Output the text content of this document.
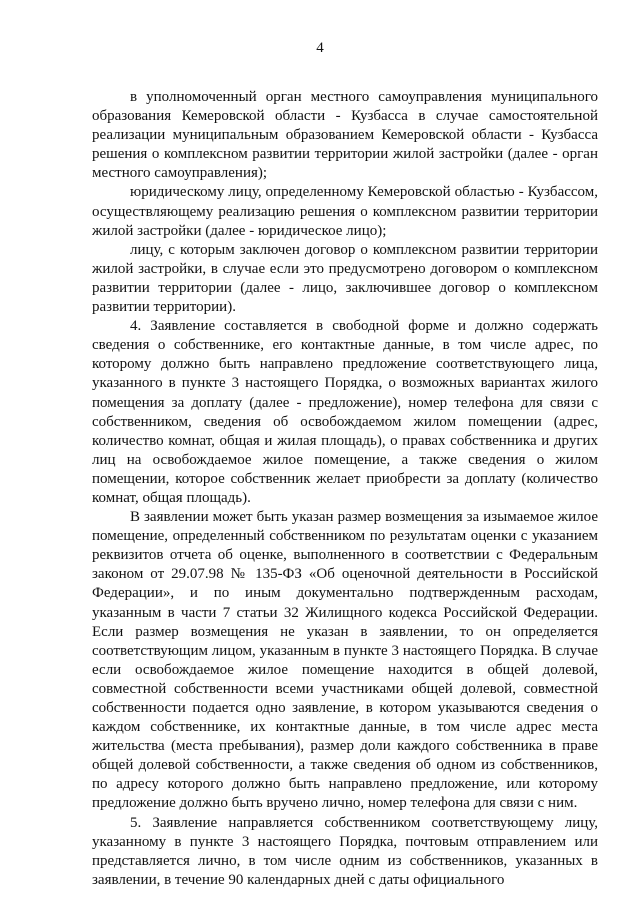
4

в уполномоченный орган местного самоуправления муниципального образования Кемеровской области - Кузбасса в случае самостоятельной реализации муниципальным образованием Кемеровской области - Кузбасса решения о комплексном развитии территории жилой застройки (далее - орган местного самоуправления);

юридическому лицу, определенному Кемеровской областью - Кузбассом, осуществляющему реализацию решения о комплексном развитии территории жилой застройки (далее - юридическое лицо);

лицу, с которым заключен договор о комплексном развитии территории жилой застройки, в случае если это предусмотрено договором о комплексном развитии территории (далее - лицо, заключившее договор о комплексном развитии территории).

4. Заявление составляется в свободной форме и должно содержать сведения о собственнике, его контактные данные, в том числе адрес, по которому должно быть направлено предложение соответствующего лица, указанного в пункте 3 настоящего Порядка, о возможных вариантах жилого помещения за доплату (далее - предложение), номер телефона для связи с собственником, сведения об освобождаемом жилом помещении (адрес, количество комнат, общая и жилая площадь), о правах собственника и других лиц на освобождаемое жилое помещение, а также сведения о жилом помещении, которое собственник желает приобрести за доплату (количество комнат, общая площадь).

В заявлении может быть указан размер возмещения за изымаемое жилое помещение, определенный собственником по результатам оценки с указанием реквизитов отчета об оценке, выполненного в соответствии с Федеральным законом от 29.07.98 № 135-ФЗ «Об оценочной деятельности в Российской Федерации», и по иным документально подтвержденным расходам, указанным в части 7 статьи 32 Жилищного кодекса Российской Федерации. Если размер возмещения не указан в заявлении, то он определяется соответствующим лицом, указанным в пункте 3 настоящего Порядка. В случае если освобождаемое жилое помещение находится в общей долевой, совместной собственности всеми участниками общей долевой, совместной собственности подается одно заявление, в котором указываются сведения о каждом собственнике, их контактные данные, в том числе адрес места жительства (места пребывания), размер доли каждого собственника в праве общей долевой собственности, а также сведения об одном из собственников, по адресу которого должно быть направлено предложение, или которому предложение должно быть вручено лично, номер телефона для связи с ним.

5. Заявление направляется собственником соответствующему лицу, указанному в пункте 3 настоящего Порядка, почтовым отправлением или представляется лично, в том числе одним из собственников, указанных в заявлении, в течение 90 календарных дней с даты официального
